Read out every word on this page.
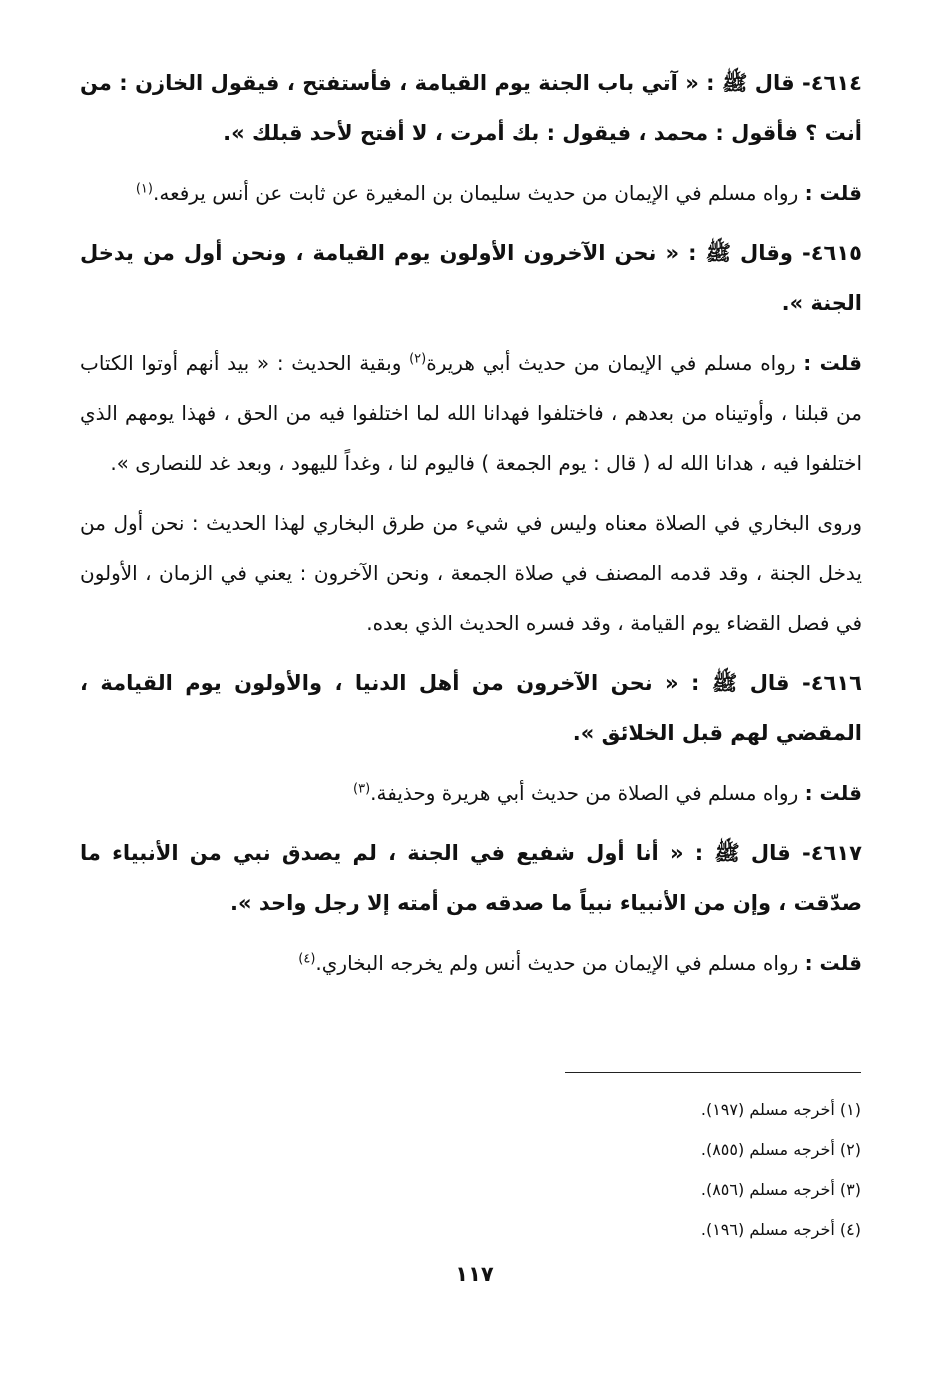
٤٦١٤- قال ﷺ : « آتي باب الجنة يوم القيامة ، فأستفتح ، فيقول الخازن : من أنت ؟ فأقول : محمد ، فيقول : بك أمرت ، لا أفتح لأحد قبلك ».

قلت : رواه مسلم في الإيمان من حديث سليمان بن المغيرة عن ثابت عن أنس يرفعه.$^{(١)}$

٤٦١٥- وقال ﷺ : « نحن الآخرون الأولون يوم القيامة ، ونحن أول من يدخل الجنة ».

قلت : رواه مسلم في الإيمان من حديث أبي هريرة$^{(٢)}$ وبقية الحديث : « بيد أنهم أوتوا الكتاب من قبلنا ، وأوتيناه من بعدهم ، فاختلفوا فهدانا الله لما اختلفوا فيه من الحق ، فهذا يومهم الذي اختلفوا فيه ، هدانا الله له ( قال : يوم الجمعة ) فاليوم لنا ، وغداً لليهود ، وبعد غد للنصارى ».

وروى البخاري في الصلاة معناه وليس في شيء من طرق البخاري لهذا الحديث : نحن أول من يدخل الجنة ، وقد قدمه المصنف في صلاة الجمعة ، ونحن الآخرون : يعني في الزمان ، الأولون في فصل القضاء يوم القيامة ، وقد فسره الحديث الذي بعده.

٤٦١٦- قال ﷺ : « نحن الآخرون من أهل الدنيا ، والأولون يوم القيامة ، المقضي لهم قبل الخلائق ».

قلت : رواه مسلم في الصلاة من حديث أبي هريرة وحذيفة.$^{(٣)}$

٤٦١٧- قال ﷺ : « أنا أول شفيع في الجنة ، لم يصدق نبي من الأنبياء ما صدّقت ، وإن من الأنبياء نبياً ما صدقه من أمته إلا رجل واحد ».

قلت : رواه مسلم في الإيمان من حديث أنس ولم يخرجه البخاري.$^{(٤)}$

(١) أخرجه مسلم (١٩٧).
(٢) أخرجه مسلم (٨٥٥).
(٣) أخرجه مسلم (٨٥٦).
(٤) أخرجه مسلم (١٩٦).
١١٧
